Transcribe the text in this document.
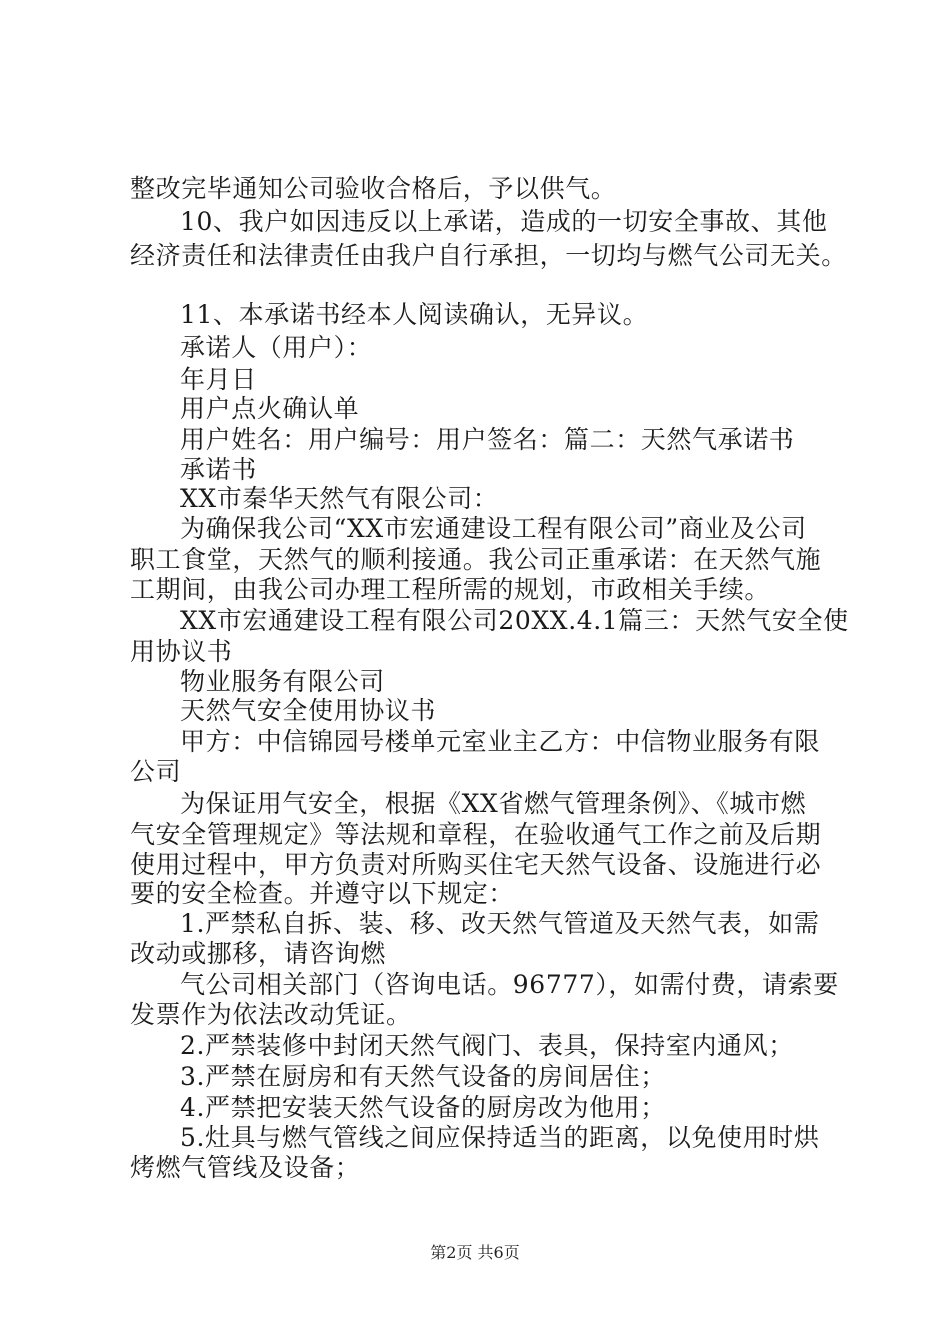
整改完毕通知公司验收合格后，予以供气。
10、我户如因违反以上承诺，造成的一切安全事故、其他
经济责任和法律责任由我户自行承担，一切均与燃气公司无关。
11、本承诺书经本人阅读确认，无异议。
承诺人（用户）：
年月日
用户点火确认单
用户姓名：用户编号：用户签名：篇二：天然气承诺书
承诺书
XX市秦华天然气有限公司：
为确保我公司“XX市宏通建设工程有限公司”商业及公司
职工食堂，天然气的顺利接通。我公司正重承诺：在天然气施
工期间，由我公司办理工程所需的规划，市政相关手续。
XX市宏通建设工程有限公司20XX.4.1篇三：天然气安全使
用协议书
物业服务有限公司
天然气安全使用协议书
甲方：中信锦园号楼单元室业主乙方：中信物业服务有限
公司
为保证用气安全，根据《XX省燃气管理条例》、《城市燃
气安全管理规定》等法规和章程，在验收通气工作之前及后期
使用过程中，甲方负责对所购买住宅天然气设备、设施进行必
要的安全检查。并遵守以下规定：
1.严禁私自拆、装、移、改天然气管道及天然气表，如需
改动或挪移，请咨询燃
气公司相关部门（咨询电话。96777），如需付费，请索要
发票作为依法改动凭证。
2.严禁装修中封闭天然气阀门、表具，保持室内通风；
3.严禁在厨房和有天然气设备的房间居住；
4.严禁把安装天然气设备的厨房改为他用；
5.灶具与燃气管线之间应保持适当的距离，以免使用时烘
烤燃气管线及设备；
第2页 共6页
